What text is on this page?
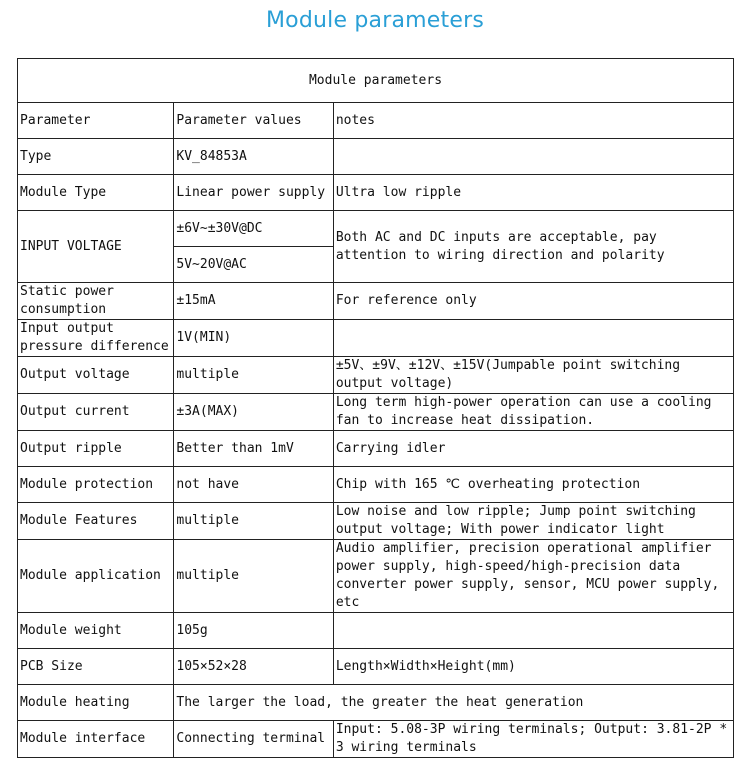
Module parameters
Module parameters		
Parameter	Parameter values	notes
Type	KV_84853A	
Module Type	Linear power supply	Ultra low ripple
INPUT VOLTAGE	±6V~±30V@DC	Both AC and DC inputs are acceptable, pay attention to wiring direction and polarity
	5V~20V@AC	
Static power consumption	±15mA	For reference only
Input output pressure difference	1V(MIN)	
Output voltage	multiple	±5V、±9V、±12V、±15V(Jumpable point switching output voltage)
Output current	±3A(MAX)	Long term high-power operation can use a cooling fan to increase heat dissipation.
Output ripple	Better than 1mV	Carrying idler
Module protection	not have	Chip with 165 ℃ overheating protection
Module Features	multiple	Low noise and low ripple; Jump point switching output voltage; With power indicator light
Module application	multiple	Audio amplifier, precision operational amplifier power supply, high-speed/high-precision data converter power supply, sensor, MCU power supply, etc
Module weight	105g	
PCB Size	105×52×28	Length×Width×Height(mm)
Module heating	The larger the load, the greater the heat generation	
Module interface	Connecting terminal	Input: 5.08-3P wiring terminals; Output: 3.81-2P * 3 wiring terminals
